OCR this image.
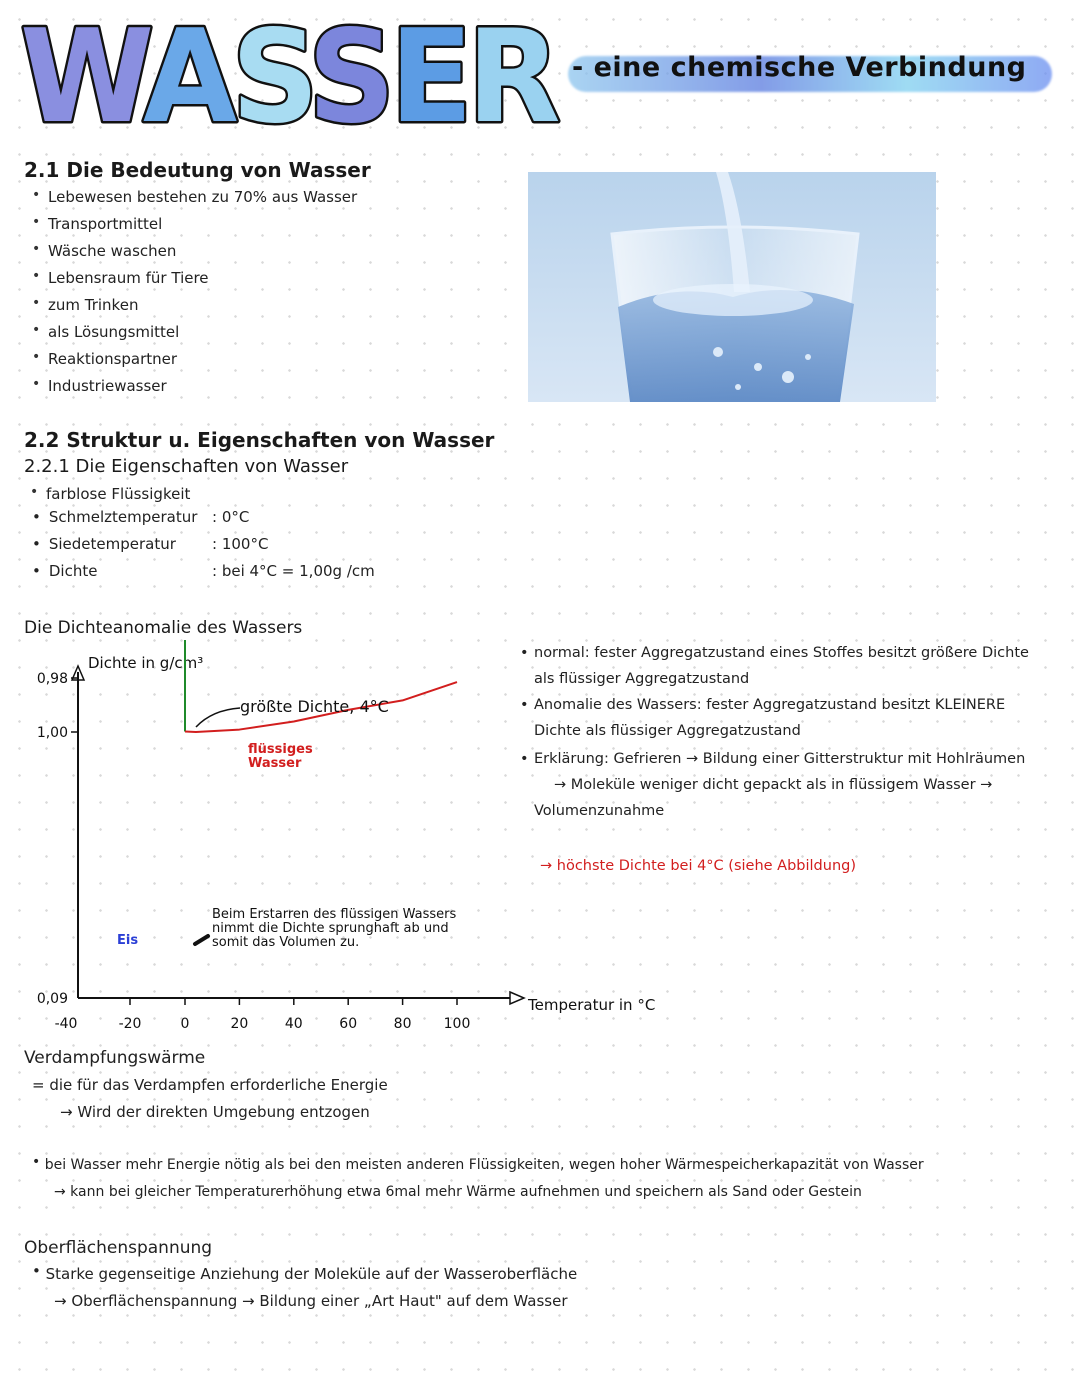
WASSER - eine chemische Verbindung
2.1 Die Bedeutung von Wasser
• Lebewesen bestehen zu 70% aus Wasser
• Transportmittel
• Wäsche waschen
• Lebensraum für Tiere
• zum Trinken
• als Lösungsmittel
• Reaktionspartner
• Industriewasser
2.2 Struktur u. Eigenschaften von Wasser
2.2.1 Die Eigenschaften von Wasser
• farblose Flüssigkeit
• Schmelztemperatur : 0°C
• Siedetemperatur : 100°C
• Dichte	: bei 4°C = 1,00g /cm
Die Dichteanomalie des Wassers
Dichte in g/cm³
Temperatur in °C
1,00
0,98
0,09
-40	-20	0	20	40	60	80 100
größte Dichte, 4°C
flüssiges
Wasser
Eis
Beim Erstarren des flüssigen Wassers
nimmt die Dichte sprunghaft ab und
somit das Volumen zu.
• normal: fester Aggregatzustand eines Stoffes besitzt größere Dichte als flüssiger Aggregatzustand
• Anomalie des Wassers: fester Aggregatzustand besitzt KLEINERE Dichte als flüssiger Aggregatzustand
• Erklärung: Gefrieren → Bildung einer Gitterstruktur mit Hohlräumen
→ Moleküle weniger dicht gepackt als in flüssigem Wasser → Volumenzunahme
→ höchste Dichte bei 4°C (siehe Abbildung)
Verdampfungswärme
= die für das Verdampfen erforderliche Energie
→ Wird der direkten Umgebung entzogen
• bei Wasser mehr Energie nötig als bei den meisten anderen Flüssigkeiten, wegen hoher Wärmespeicherkapazität von Wasser
→ kann bei gleicher Temperaturerhöhung etwa 6mal mehr Wärme aufnehmen und speichern als Sand oder Gestein
Oberflächenspannung
• Starke gegenseitige Anziehung der Moleküle auf der Wasseroberfläche
→ Oberflächenspannung → Bildung einer „Art Haut" auf dem Wasser
